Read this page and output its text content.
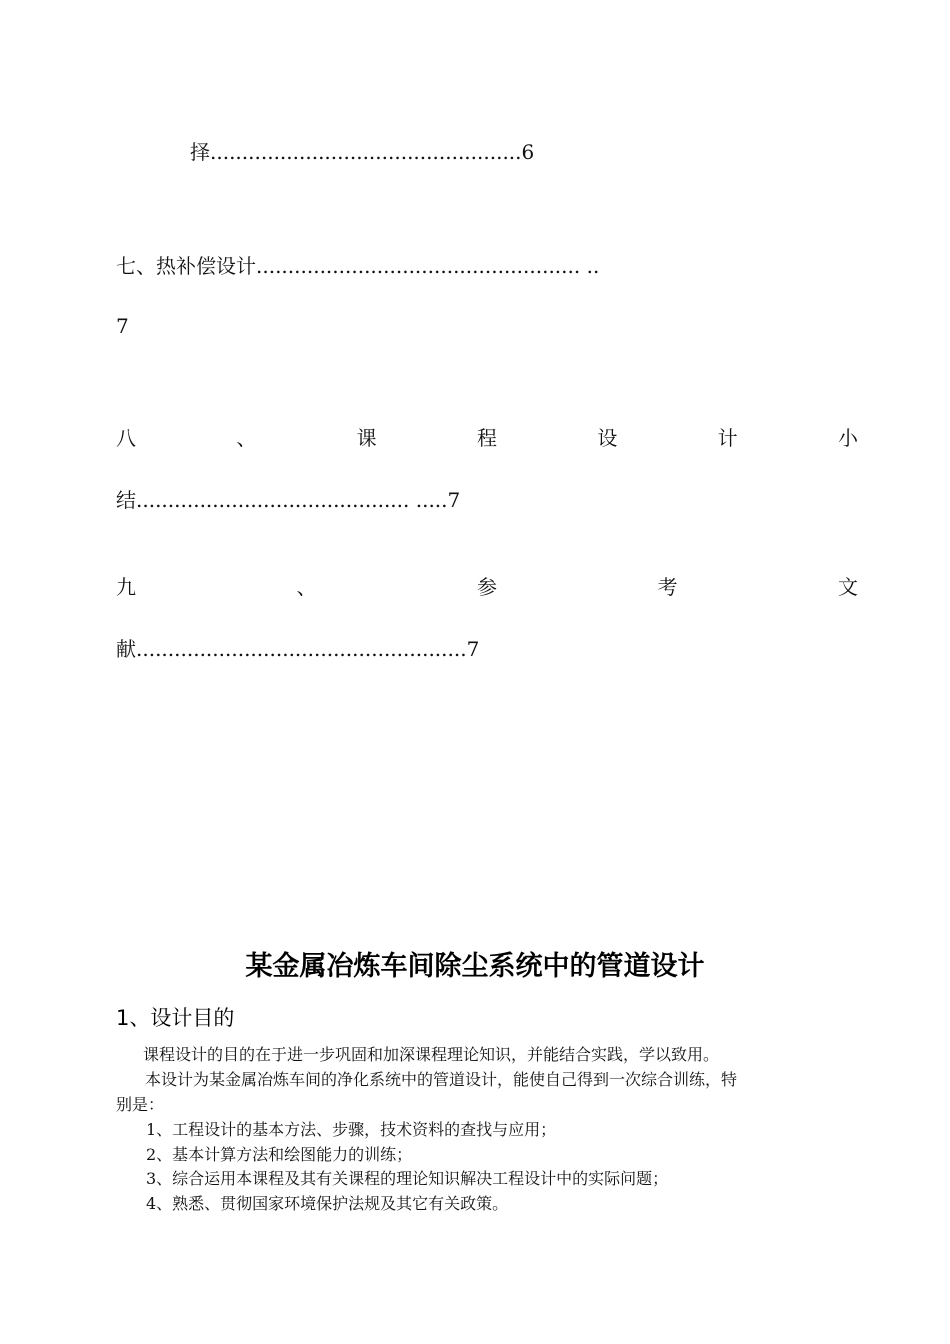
择.................................................6
七、热补偿设计................................................... ..
7
八	、	课	程	设	计	小
结........................................... .....7
九	、	参	考	文
献....................................................7
某金属冶炼车间除尘系统中的管道设计
1、设计目的
课程设计的目的在于进一步巩固和加深课程理论知识，并能结合实践，学以致用。
本设计为某金属冶炼车间的净化系统中的管道设计，能使自己得到一次综合训练，特
别是：
1、工程设计的基本方法、步骤，技术资料的查找与应用；
2、基本计算方法和绘图能力的训练；
3、综合运用本课程及其有关课程的理论知识解决工程设计中的实际问题；
4、熟悉、贯彻国家环境保护法规及其它有关政策。
